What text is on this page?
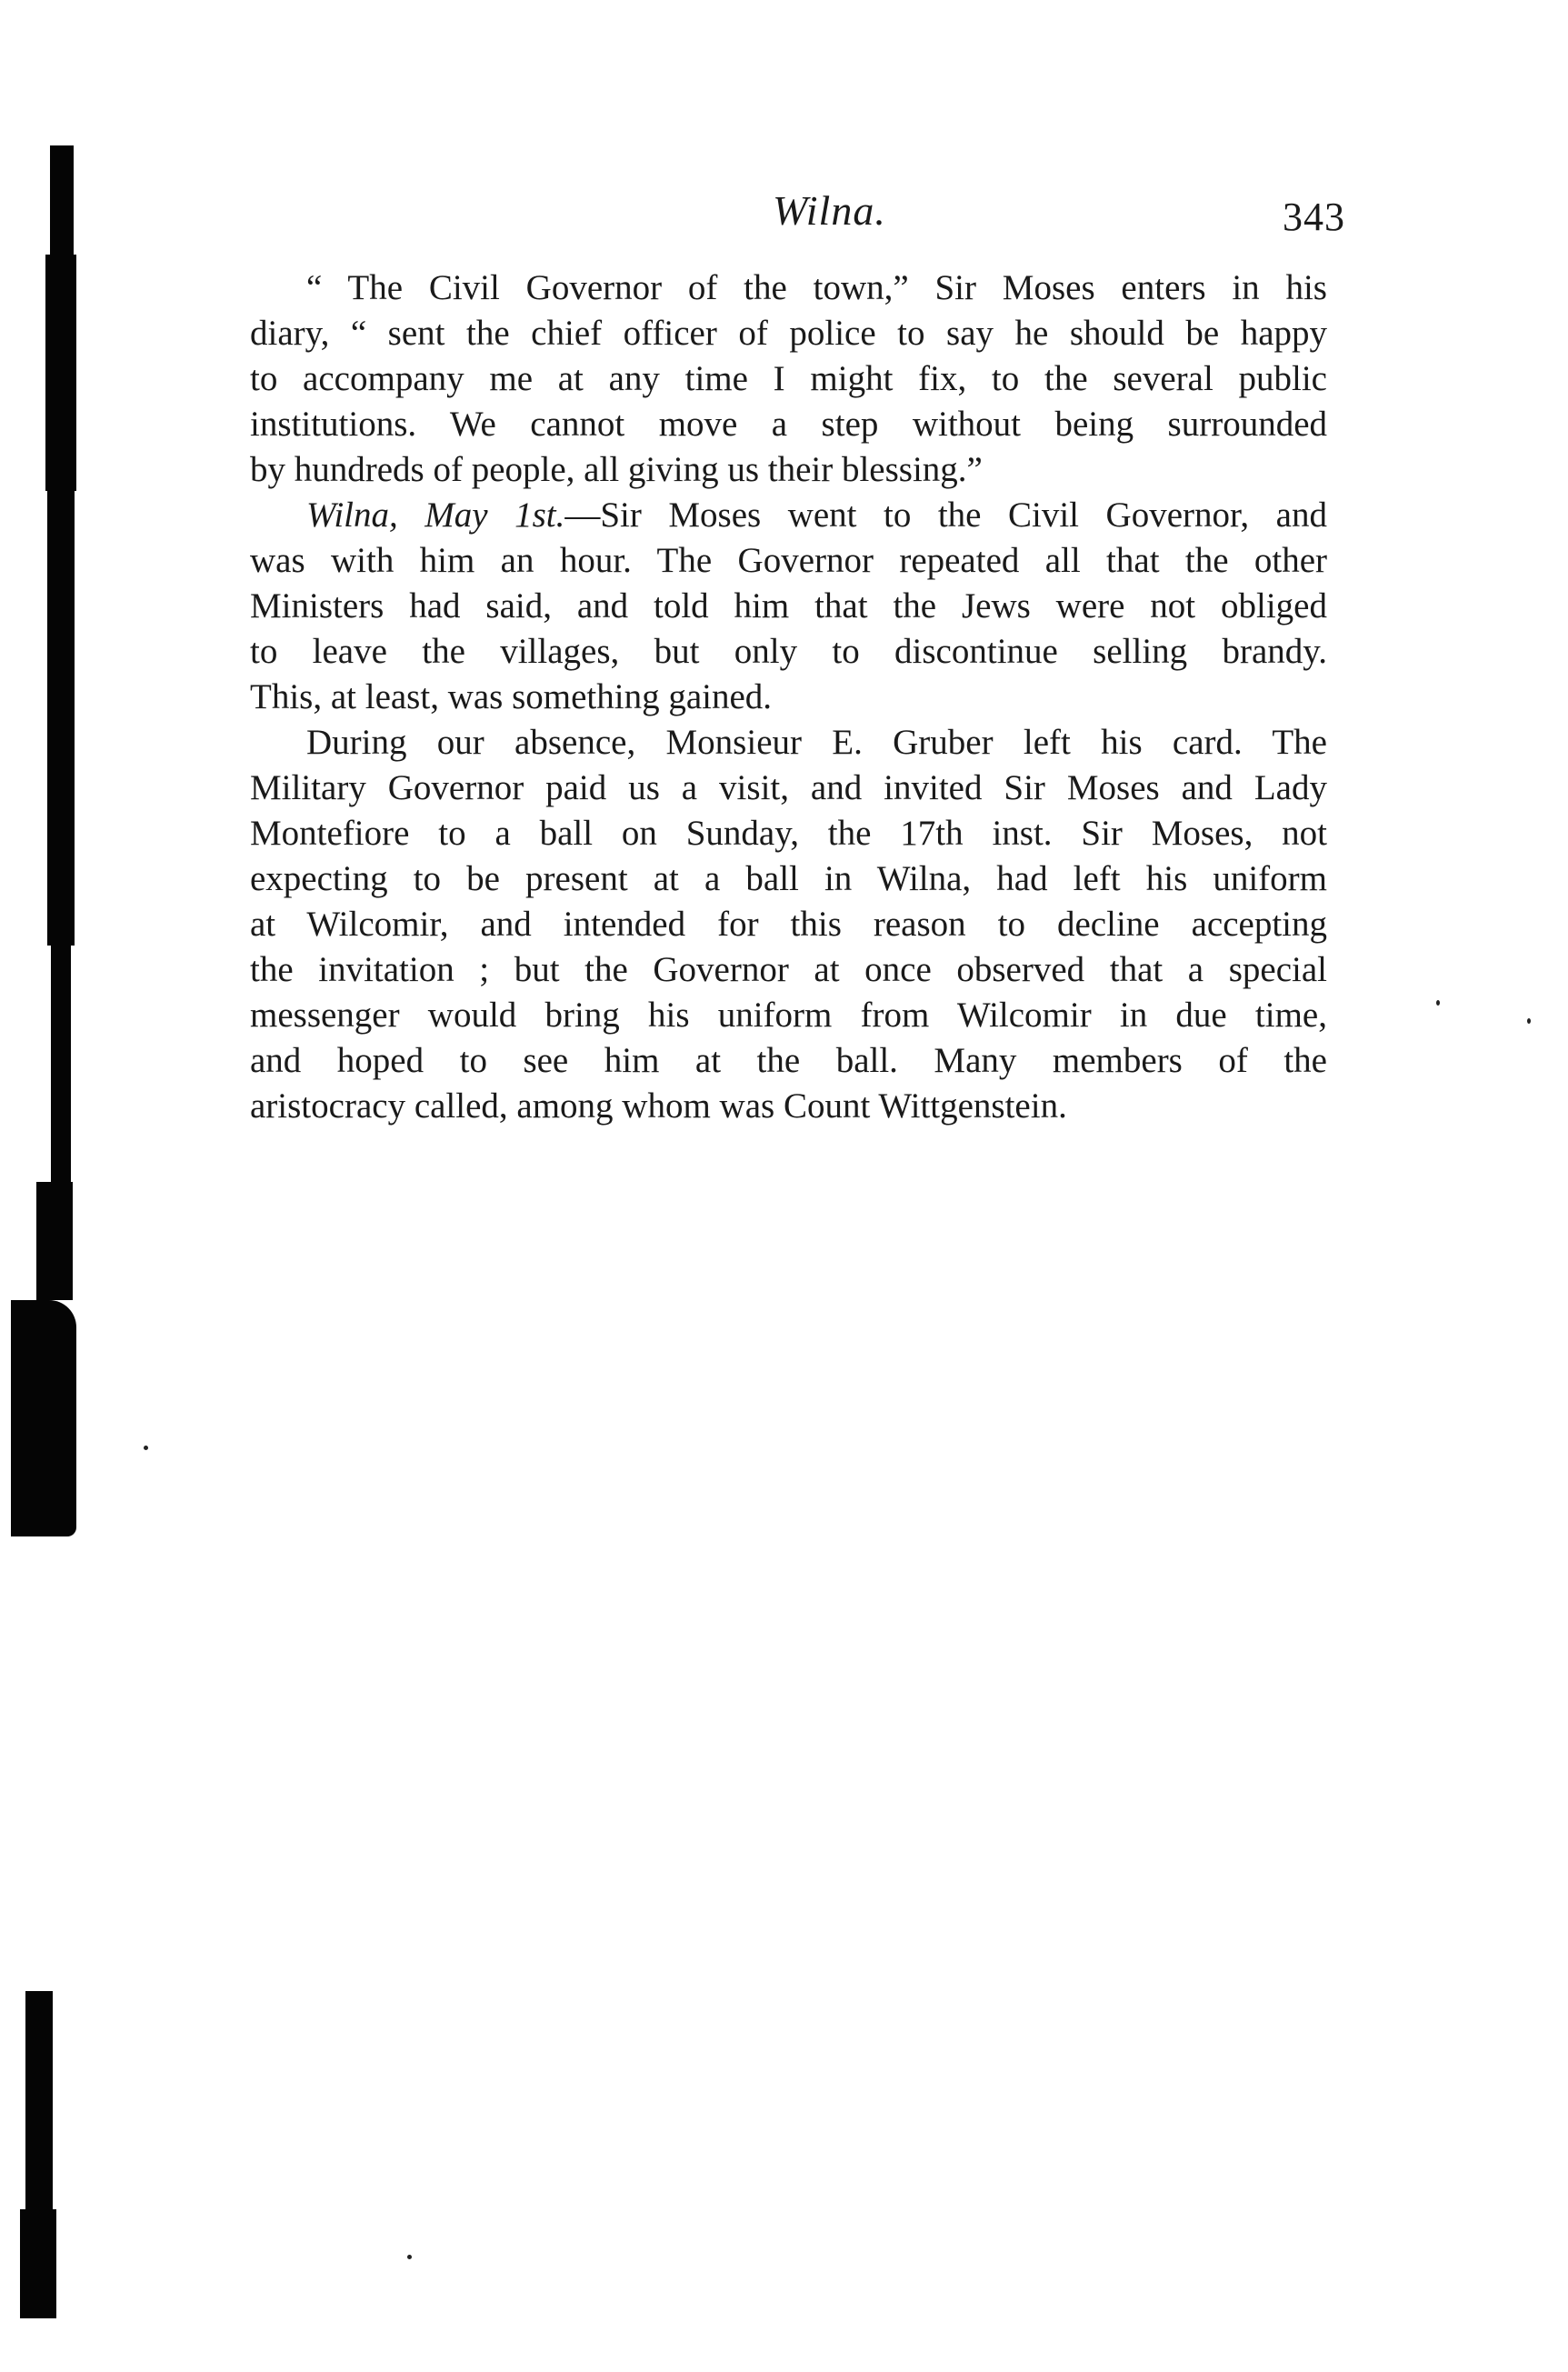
Wilna.	343
“ The Civil Governor of the town,” Sir Moses enters in his
diary, “ sent the chief officer of police to say he should be happy
to accompany me at any time I might fix, to the several public
institutions. We cannot move a step without being surrounded
by hundreds of people, all giving us their blessing.”
Wilna, May 1st.—Sir Moses went to the Civil Governor, and
was with him an hour. The Governor repeated all that the other
Ministers had said, and told him that the Jews were not obliged
to leave the villages, but only to discontinue selling brandy.
This, at least, was something gained.
During our absence, Monsieur E. Gruber left his card. The
Military Governor paid us a visit, and invited Sir Moses and Lady
Montefiore to a ball on Sunday, the 17th inst. Sir Moses, not
expecting to be present at a ball in Wilna, had left his uniform
at Wilcomir, and intended for this reason to decline accepting
the invitation ; but the Governor at once observed that a special
messenger would bring his uniform from Wilcomir in due time,
and hoped to see him at the ball. Many members of the
aristocracy called, among whom was Count Wittgenstein.
